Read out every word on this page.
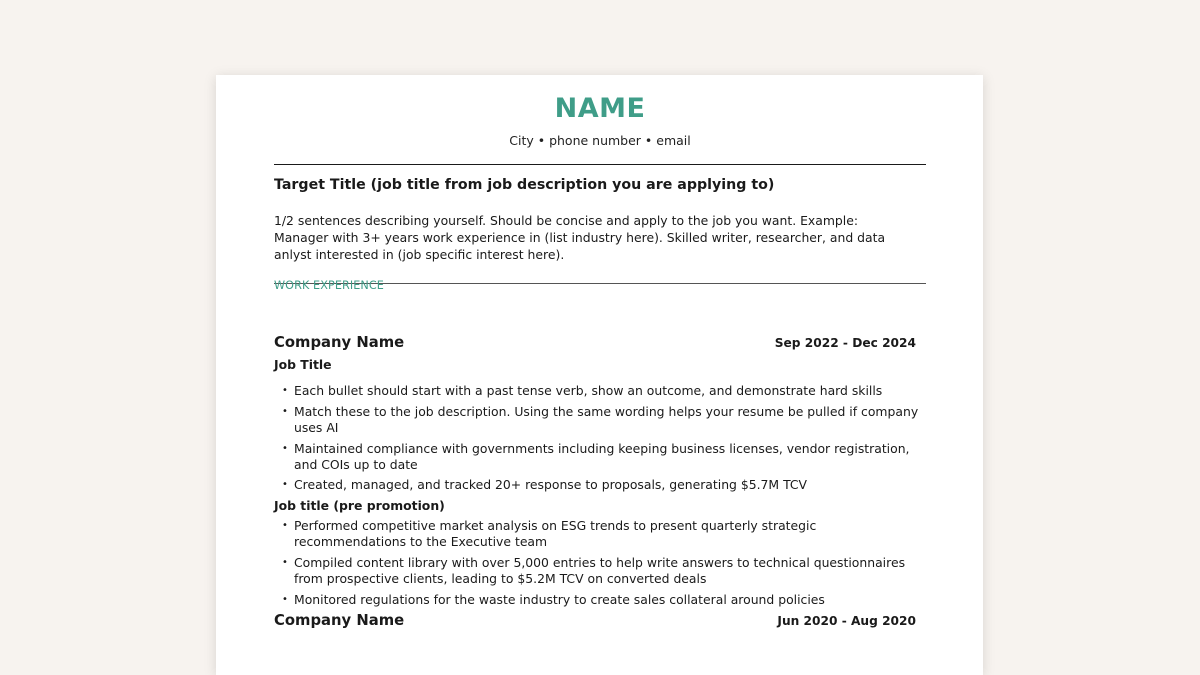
NAME
City • phone number • email
Target Title (job title from job description you are applying to)
1/2 sentences describing yourself. Should be concise and apply to the job you want. Example: Manager with 3+ years work experience in (list industry here). Skilled writer, researcher, and data anlyst interested in (job specific interest here).
WORK EXPERIENCE
Company Name	Sep 2022 - Dec 2024
Job Title
• Each bullet should start with a past tense verb, show an outcome, and demonstrate hard skills
• Match these to the job description. Using the same wording helps your resume be pulled if company uses AI
• Maintained compliance with governments including keeping business licenses, vendor registration, and COIs up to date
• Created, managed, and tracked 20+ response to proposals, generating $5.7M TCV
Job title (pre promotion)
• Performed competitive market analysis on ESG trends to present quarterly strategic recommendations to the Executive team
• Compiled content library with over 5,000 entries to help write answers to technical questionnaires from prospective clients, leading to $5.2M TCV on converted deals
• Monitored regulations for the waste industry to create sales collateral around policies
Company Name	Jun 2020 - Aug 2020
